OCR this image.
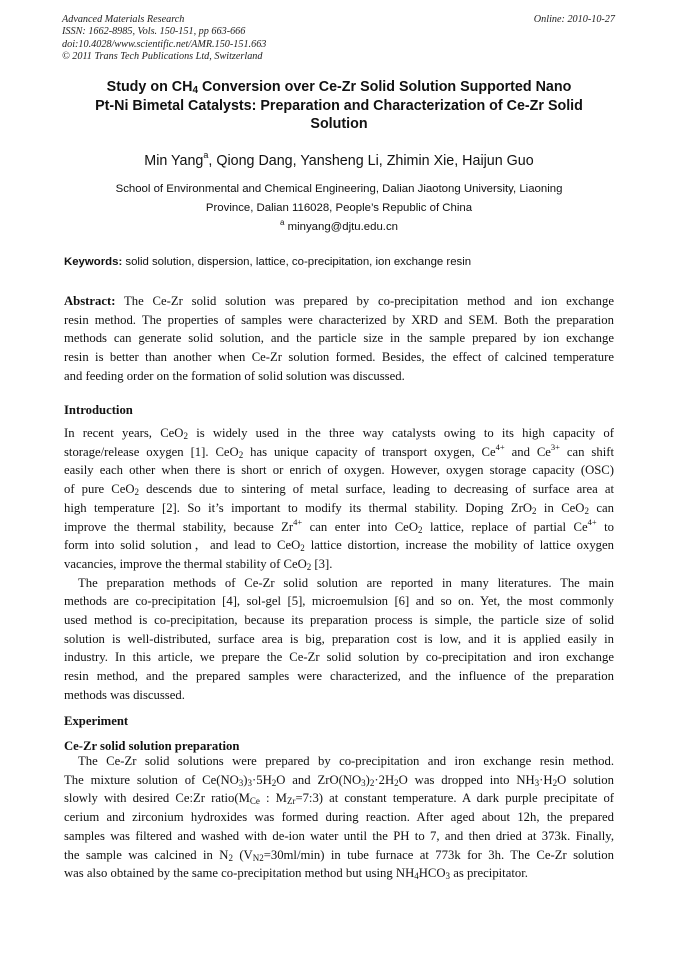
Advanced Materials Research
ISSN: 1662-8985, Vols. 150-151, pp 663-666
doi:10.4028/www.scientific.net/AMR.150-151.663
© 2011 Trans Tech Publications Ltd, Switzerland
Online: 2010-10-27
Study on $CH_4$ Conversion over Ce-Zr Solid Solution Supported Nano
Pt-Ni Bimetal Catalysts: Preparation and Characterization of Ce-Zr Solid
Solution
Min Yang$^a$, Qiong Dang, Yansheng Li, Zhimin Xie, Haijun Guo
School of Environmental and Chemical Engineering, Dalian Jiaotong University, Liaoning
Province, Dalian 116028, People’s Republic of China
$^a$ minyang@djtu.edu.cn
Keywords: solid solution, dispersion, lattice, co-precipitation, ion exchange resin
Abstract: The Ce-Zr solid solution was prepared by co-precipitation method and ion exchange
resin method. The properties of samples were characterized by XRD and SEM. Both the preparation
methods can generate solid solution, and the particle size in the sample prepared by ion exchange
resin is better than another when Ce-Zr solution formed. Besides, the effect of calcined temperature
and feeding order on the formation of solid solution was discussed.
Introduction
In recent years, CeO$_2$ is widely used in the three way catalysts owing to its high capacity of
storage/release oxygen [1]. CeO$_2$ has unique capacity of transport oxygen, $Ce^{4+}$ and $Ce^{3+}$ can shift
easily each other when there is short or enrich of oxygen. However, oxygen storage capacity (OSC)
of pure CeO$_2$ descends due to sintering of metal surface, leading to decreasing of surface area at
high temperature [2]. So it’s important to modify its thermal stability. Doping ZrO$_2$ in CeO$_2$ can
improve the thermal stability, because $Zr^{4+}$ can enter into CeO$_2$ lattice, replace of partial $Ce^{4+}$ to
form into solid solution，and lead to CeO$_2$ lattice distortion, increase the mobility of lattice oxygen
vacancies, improve the thermal stability of CeO$_2$ [3].
The preparation methods of Ce-Zr solid solution are reported in many literatures. The main
methods are co-precipitation [4], sol-gel [5], microemulsion [6] and so on. Yet, the most commonly
used method is co-precipitation, because its preparation process is simple, the particle size of solid
solution is well-distributed, surface area is big, preparation cost is low, and it is applied easily in
industry. In this article, we prepare the Ce-Zr solid solution by co-precipitation and iron exchange
resin method, and the prepared samples were characterized, and the influence of the preparation
methods was discussed.
Experiment
Ce-Zr solid solution preparation
The Ce-Zr solid solutions were prepared by co-precipitation and iron exchange resin method.
The mixture solution of $Ce(NO_3)_3\cdot 5H_2O$ and $ZrO(NO_3)_2\cdot 2H_2O$ was dropped into $NH_3\cdot H_2O$ solution
slowly with desired Ce:Zr $ratio(M_{Ce}$ : $M_{Zr}=7:3$) at constant temperature. A dark purple precipitate of
cerium and zirconium hydroxides was formed during reaction. After aged about 12h, the prepared
samples was filtered and washed with de-ion water until the PH to 7, and then dried at 373k. Finally,
the sample was calcined in $N_2$ $(V_{N2}=30ml/\min)$ in tube furnace at 773k for 3h. The Ce-Zr solution
was also obtained by the same co-precipitation method but using $NH_4HCO_3$ as precipitator.
